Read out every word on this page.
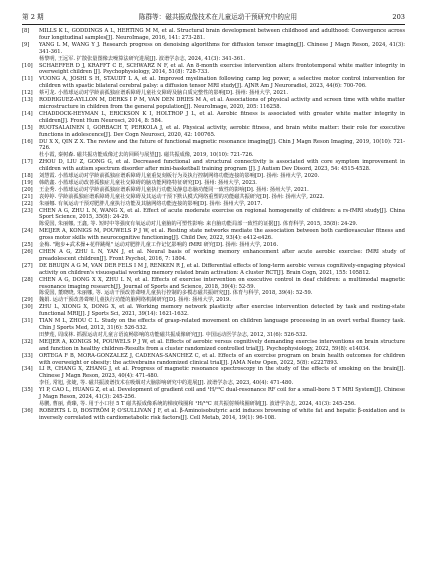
第 2 期	陈群等：磁共振成像技术在儿童运动干预研究中的应用	203
[8]	MILLS K L, GODDINGS A L, HERTING M M, et al. Structural brain development between childhood and adulthood: Convergence across four longitudinal samples[J]. NeuroImage, 2016, 141: 273-281.
[9]	YANG L M, WANG Y J. Research progress on denoising algorithms for diffusion tensor imaging[J]. Chinese J Magn Reson, 2024, 41(3): 341-361.
杨黎明, 王远军. 扩散张量图像去噪算法研究进展[J]. 波谱学杂志, 2024, 41(3): 341-361.
[10]	SCHAEFFER D J, KRAFFT C E, SCHWARZ N F, et al. An 8-month exercise intervention alters frontotemporal white matter integrity in overweight children [J]. Psychophysiology, 2014, 51(8): 728-733.
[11]	VUONG A, JOSHI S H, STAUDT L A, et al. Improved myelination following camp leg power, a selective motor control intervention for children with spastic bilateral cerebral palsy: a diffusion tensor MRI study[J]. AJNR Am J Neuroradiol, 2023, 44(6): 700-706.
[12]	蔡可龙. 小篮球运动对学龄前孤独症谱系障碍儿童社交障碍及脑白质完整性的影响[D]. 扬州: 扬州大学, 2021.
[13]	RODRIGUEZ-AYLLON M, DERKS I P M, VAN DEN DRIES M A, et al. Associations of physical activity and screen time with white matter microstructure in children from the general population[J]. NeuroImage, 2020, 205: 116258.
[14]	CHADDOCK-HEYMAN L, ERICKSON K I, HOLTROP J L, et al. Aerobic fitness is associated with greater white matter integrity in children[J]. Front Hum Neurosci, 2014, 8: 584.
[15]	RUOTSALAINEN I, GORBACH T, PERKOLA J, et al. Physical activity, aerobic fitness, and brain white matter: their role for executive functions in adolescence[J]. Dev Cogn Neurosci, 2020, 42: 100765.
[16]	DU X X, QIN Z X. The review and the future of functional magnetic resonance imaging[J]. Chin J Magn Reson Imaging, 2019, 10(10): 721-726.
杜小霞, 秦树森. 磁共振功能成像过去的回顾与展望[J]. 磁共振成像, 2019, 10(10): 721-726.
[17]	ZHOU D, LIU Z, GONG G, et al. Decreased functional and structural connectivity is associated with core symptom improvement in children with autism spectrum disorder after mini-basketball training program [J]. J Autism Dev Disord, 2023, 54: 4515-4528.
[18]	刘慧霞. 小篮球运动对学龄前孤独症谱系障碍儿童重复刻板行为及执行控制网络功能连接的影响[D]. 扬州: 扬州大学, 2020.
[19]	韩皓鑫. 小篮球运动改善孤独症儿童社交障碍的脑功能网络特征研究[D]. 扬州: 扬州大学, 2023.
[20]	王金秀. 小篮球运动对学龄前孤独症谱系障碍儿童执行功能及静息态脑功能同一致性的影响[D]. 扬州: 扬州大学, 2021.
[21]	袁婷婷. 学龄前孤独症谱系障碍儿童社交障碍及其运动干预下默认模式网络重塑的功能磁共振研究[D]. 扬州: 扬州大学, 2022.
[22]	朱丽娜. 有氧运动干预对肥胖儿童执行功能及其脑网络功能连接的影响[D]. 扬州: 扬州大学, 2017.
[23]	CHEN A G, ZHU L N, WANG X, et al. Effect of acute moderate exercise on regional homogeneity of children: a rs-fMRI study[J]. China Sport Science, 2015, 35(8): 24-29.
陈爱国, 朱丽娜, 王鑫, 等. 短时中等强度有氧运动对儿童脑的可塑性影响: 来自脑功能局部一致性的证据[J]. 体育科学, 2015, 35(8): 24-29.
[24]	MEIJER A, KONIGS M, POUWELS P J W, et al. Resting state networks mediate the association between both cardiovascular fitness and gross motor skills with neurocognitive functioning[J]. Child Dev, 2022, 93(4): e412-e426.
[25]	金梅. "跑步+武术操+花样跳绳" 运动对肥胖儿童工作记忆影响的 fMRI 研究[D]. 扬州: 扬州大学, 2016.
[26]	CHEN A G, ZHU L N, YAN J, et al. Neural basis of working memory enhancement after acute aerobic exercise: fMRI study of preadolescent children[J]. Front Psychol, 2016, 7: 1804.
[27]	DE BRUIJN A G M, VAN DER FELS I M J, RENKEN R J, et al. Differential effects of long-term aerobic versus cognitively-engaging physical activity on children's visuospatial working memory related brain activation: A cluster RCT[J]. Brain Cogn, 2021, 155: 105812.
[28]	CHEN A G, DONG X X, ZHU L N, et al. Effects of exercise intervention on executive control in deaf children: a multimodal magnetic resonance imaging research[J]. Journal of Sports and Science, 2018, 39(4): 52-59.
陈爱国, 董晓晓, 朱丽娜, 等. 运动干预改善聋哑儿童执行控制的多模态磁共振研究[J]. 体育与科学, 2018, 39(4): 52-59.
[29]	魏娟. 运动干预改善聋哑儿童执行功能的脑网络机制研究[D]. 扬州: 扬州大学, 2019.
[30]	ZHU L, XIONG X, DONG X, et al. Working memory network plasticity after exercise intervention detected by task and resting-state functional MRI[J]. J Sports Sci, 2021, 39(14): 1621-1632.
[31]	TIAN M L, ZHOU C L. Study on the effects of grasp-related movement on children language processing in an overt verbal fluency task. Chin J Sports Med, 2012, 31(6): 526-532.
田梦莲, 周成林. 抓握运动对儿童言语流畅影响的功能磁共振成像研究[J]. 中国运动医学杂志, 2012, 31(6): 526-532.
[32]	MEIJER A, KONIGS M, POUWELS P J W, et al. Effects of aerobic versus cognitively demanding exercise interventions on brain structure and function in healthy children-Results from a cluster randomized controlled trial[J]. Psychophysiology, 2022, 59(8): e14034.
[33]	ORTEGA F B, MORA-GONZALEZ J, CADENAS-SANCHEZ C, et al. Effects of an exercise program on brain health outcomes for children with overweight or obesity: the activebrains randomized clinical trial[J]. JAMA Netw Open, 2022, 5(8): e2227893.
[34]	LI R, CHANG X, ZHANG J, et al. Progress of magnetic resonance spectroscopy in the study of the effects of smoking on the brain[J]. Chinese J Magn Reson, 2023, 40(4): 471-480.
李任, 常旭, 张婕, 等. 磁共振波谱技术在吸烟对大脑影响研究中的进展[J]. 波谱学杂志, 2023, 40(4): 471-480.
[35]	YI P, CAO L, HUANG Z, et al. Development of gradient coil and ¹H/¹³C dual-resonance RF coil for a small-bore 5 T MRI System[J]. Chinese J Magn Reson, 2024, 41(3): 245-256.
易鹏, 曹丽, 黄臻, 等. 用于小口径 5 T 磁共振成像系统的梯度线圈和 ¹H/¹³C 双共振射频线圈研制[J]. 波谱学杂志, 2024, 41(3): 245-256.
[36]	ROBERTS L D, BOSTRÖM P, O'SULLIVAN J F, et al. β-Aminoisobutyric acid induces browning of white fat and hepatic β-oxidation and is inversely correlated with cardiometabolic risk factors[J]. Cell Metab, 2014, 19(1): 96-108.
